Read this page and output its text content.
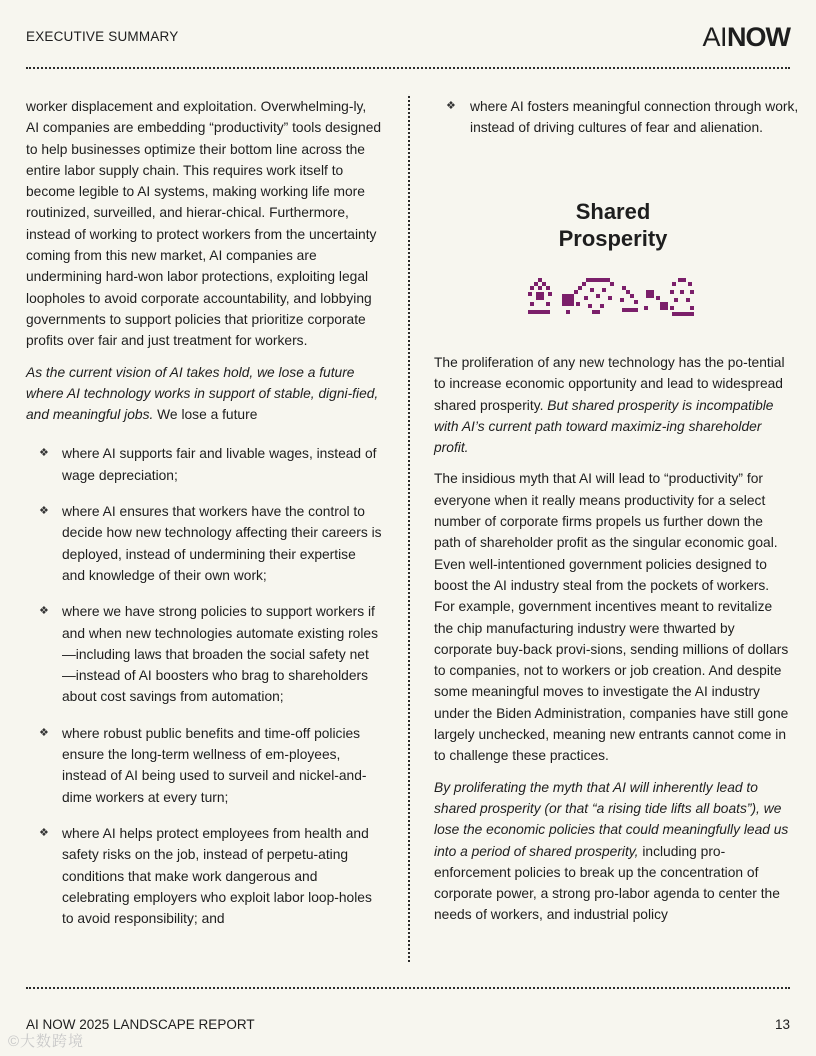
EXECUTIVE SUMMARY	AINOW

worker displacement and exploitation. Overwhelming-ly, AI companies are embedding “productivity” tools designed to help businesses optimize their bottom line across the entire labor supply chain. This requires work itself to become legible to AI systems, making working life more routinized, surveilled, and hierar-chical. Furthermore, instead of working to protect workers from the uncertainty coming from this new market, AI companies are undermining hard-won labor protections, exploiting legal loopholes to avoid corporate accountability, and lobbying governments to support policies that prioritize corporate profits over fair and just treatment for workers.

As the current vision of AI takes hold, we lose a future where AI technology works in support of stable, digni-fied, and meaningful jobs. We lose a future

❖ where AI supports fair and livable wages, instead of wage depreciation;
❖ where AI ensures that workers have the control to decide how new technology affecting their careers is deployed, instead of undermining their expertise and knowledge of their own work;
❖ where we have strong policies to support workers if and when new technologies automate existing roles—including laws that broaden the social safety net—instead of AI boosters who brag to shareholders about cost savings from automation;
❖ where robust public benefits and time-off policies ensure the long-term wellness of em-ployees, instead of AI being used to surveil and nickel-and-dime workers at every turn;
❖ where AI helps protect employees from health and safety risks on the job, instead of perpetu-ating conditions that make work dangerous and celebrating employers who exploit labor loop-holes to avoid responsibility; and
❖ where AI fosters meaningful connection through work, instead of driving cultures of fear and alienation.
Shared
Prosperity

The proliferation of any new technology has the po-tential to increase economic opportunity and lead to widespread shared prosperity. But shared prosperity is incompatible with AI’s current path toward maximiz-ing shareholder profit.

The insidious myth that AI will lead to “productivity” for everyone when it really means productivity for a select number of corporate firms propels us further down the path of shareholder profit as the singular economic goal. Even well-intentioned government policies designed to boost the AI industry steal from the pockets of workers. For example, government incentives meant to revitalize the chip manufacturing industry were thwarted by corporate buy-back provi-sions, sending millions of dollars to companies, not to workers or job creation. And despite some meaningful moves to investigate the AI industry under the Biden Administration, companies have still gone largely unchecked, meaning new entrants cannot come in to challenge these practices.

By proliferating the myth that AI will inherently lead to shared prosperity (or that “a rising tide lifts all boats”), we lose the economic policies that could meaningfully lead us into a period of shared prosperity, including pro-enforcement policies to break up the concentration of corporate power, a strong pro-labor agenda to center the needs of workers, and industrial policy

AI NOW 2025 LANDSCAPE REPORT	13
©大数跨境
